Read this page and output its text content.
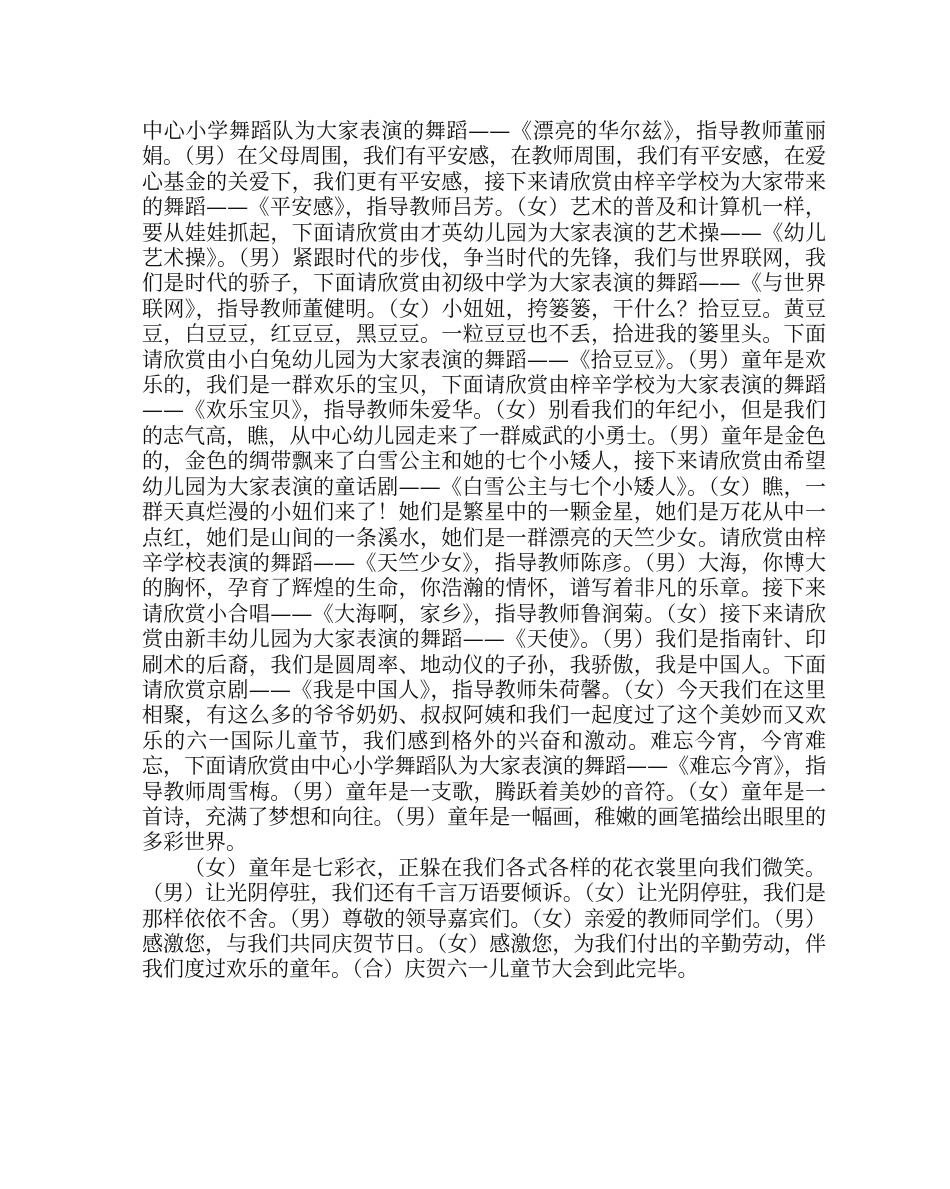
中心小学舞蹈队为大家表演的舞蹈——《漂亮的华尔兹》，指导教师董丽娟。（男）在父母周围，我们有平安感，在教师周围，我们有平安感，在爱心基金的关爱下，我们更有平安感，接下来请欣赏由梓辛学校为大家带来的舞蹈——《平安感》，指导教师吕芳。（女）艺术的普及和计算机一样，要从娃娃抓起，下面请欣赏由才英幼儿园为大家表演的艺术操——《幼儿艺术操》。（男）紧跟时代的步伐，争当时代的先锋，我们与世界联网，我们是时代的骄子，下面请欣赏由初级中学为大家表演的舞蹈——《与世界联网》，指导教师董健明。（女）小妞妞，挎篓篓，干什么？拾豆豆。黄豆豆，白豆豆，红豆豆，黑豆豆。一粒豆豆也不丢，拾进我的篓里头。下面请欣赏由小白兔幼儿园为大家表演的舞蹈——《拾豆豆》。（男）童年是欢乐的，我们是一群欢乐的宝贝，下面请欣赏由梓辛学校为大家表演的舞蹈——《欢乐宝贝》，指导教师朱爱华。（女）别看我们的年纪小，但是我们的志气高，瞧，从中心幼儿园走来了一群威武的小勇士。（男）童年是金色的，金色的绸带飘来了白雪公主和她的七个小矮人，接下来请欣赏由希望幼儿园为大家表演的童话剧——《白雪公主与七个小矮人》。（女）瞧，一群天真烂漫的小妞们来了！她们是繁星中的一颗金星，她们是万花从中一点红，她们是山间的一条溪水，她们是一群漂亮的天竺少女。请欣赏由梓辛学校表演的舞蹈——《天竺少女》，指导教师陈彦。（男）大海，你博大的胸怀，孕育了辉煌的生命，你浩瀚的情怀，谱写着非凡的乐章。接下来请欣赏小合唱——《大海啊，家乡》，指导教师鲁润菊。（女）接下来请欣赏由新丰幼儿园为大家表演的舞蹈——《天使》。（男）我们是指南针、印刷术的后裔，我们是圆周率、地动仪的子孙，我骄傲，我是中国人。下面请欣赏京剧——《我是中国人》，指导教师朱荷馨。（女）今天我们在这里相聚，有这么多的爷爷奶奶、叔叔阿姨和我们一起度过了这个美妙而又欢乐的六一国际儿童节，我们感到格外的兴奋和激动。难忘今宵，今宵难忘，下面请欣赏由中心小学舞蹈队为大家表演的舞蹈——《难忘今宵》，指导教师周雪梅。（男）童年是一支歌，腾跃着美妙的音符。（女）童年是一首诗，充满了梦想和向往。（男）童年是一幅画，稚嫩的画笔描绘出眼里的多彩世界。

（女）童年是七彩衣，正躲在我们各式各样的花衣裳里向我们微笑。（男）让光阴停驻，我们还有千言万语要倾诉。（女）让光阴停驻，我们是那样依依不舍。（男）尊敬的领导嘉宾们。（女）亲爱的教师同学们。（男）感激您，与我们共同庆贺节日。（女）感激您，为我们付出的辛勤劳动，伴我们度过欢乐的童年。（合）庆贺六一儿童节大会到此完毕。
